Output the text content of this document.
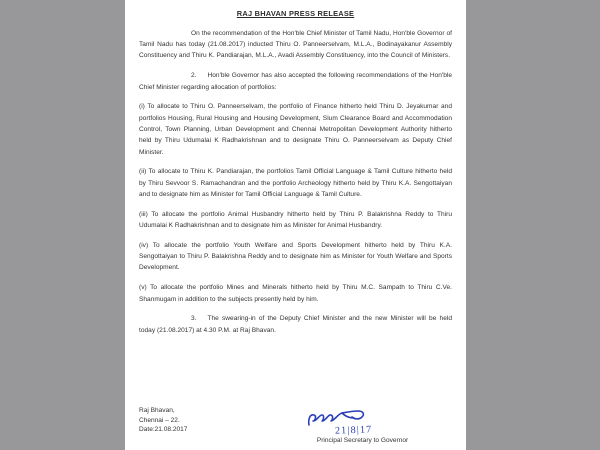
RAJ BHAVAN PRESS RELEASE

On the recommendation of the Hon'ble Chief Minister of Tamil Nadu, Hon'ble Governor of Tamil Nadu has today (21.08.2017) inducted Thiru O. Panneerselvam, M.L.A., Bodinayakanur Assembly Constituency and Thiru K. Pandiarajan, M.L.A., Avadi Assembly Constituency, into the Council of Ministers.

2. Hon'ble Governor has also accepted the following recommendations of the Hon'ble Chief Minister regarding allocation of portfolios:

(i) To allocate to Thiru O. Panneerselvam, the portfolio of Finance hitherto held Thiru D. Jeyakumar and portfolios Housing, Rural Housing and Housing Development, Slum Clearance Board and Accommodation Control, Town Planning, Urban Development and Chennai Metropolitan Development Authority hitherto held by Thiru Udumalai K Radhakrishnan and to designate Thiru O. Panneerselvam as Deputy Chief Minister.

(ii) To allocate to Thiru K. Pandiarajan, the portfolios Tamil Official Language & Tamil Culture hitherto held by Thiru Sevvoor S. Ramachandran and the portfolio Archeology hitherto held by Thiru K.A. Sengottaiyan and to designate him as Minister for Tamil Official Language & Tamil Culture.

(iii) To allocate the portfolio Animal Husbandry hitherto held by Thiru P. Balakrishna Reddy to Thiru Udumalai K Radhakrishnan and to designate him as Minister for Animal Husbandry.

(iv) To allocate the portfolio Youth Welfare and Sports Development hitherto held by Thiru K.A. Sengottaiyan to Thiru P. Balakrishna Reddy and to designate him as Minister for Youth Welfare and Sports Development.

(v) To allocate the portfolio Mines and Minerals hitherto held by Thiru M.C. Sampath to Thiru C.Ve. Shanmugam in addition to the subjects presently held by him.

3. The swearing-in of the Deputy Chief Minister and the new Minister will be held today (21.08.2017) at 4.30 P.M. at Raj Bhavan.

Raj Bhavan,
Chennai – 22.
Date:21.08.2017	21|8|17
Principal Secretary to Governor
